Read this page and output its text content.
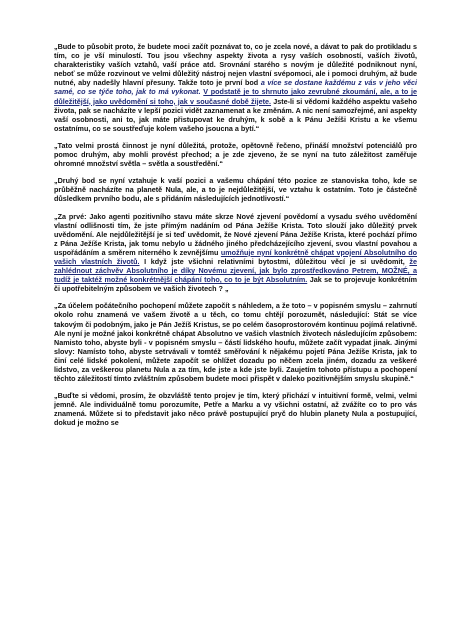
„Bude to působit proto, že budete moci začít poznávat to, co je zcela nové, a dávat to pak do protikladu s tím, co je vší minulostí. Tou jsou všechny aspekty života a rysy vaších osobností, vaších životů, charakteristiky vaších vztahů, vaší práce atd. Srovnání starého s novým je důležité podniknout nyní, neboť se může rozvinout ve velmi důležitý nástroj nejen vlastní svépomoci, ale i pomoci druhým, až bude nutné, aby nadešly hlavní přesuny. Takže toto je první bod a více se dostane každému z vás v jeho věci samé, co se týče toho, jak to má vykonat. V podstatě je to shrnuto jako zevrubné zkoumání, ale, a to je důležitější, jako uvědomění si toho, jak v současné době žijete. Jste-li si vědomi každého aspektu vašeho života, pak se nacházíte v lepší pozici vidět zaznamenat a ke změnám. A nic není samozřejmé, ani aspekty vaší osobnosti, ani to, jak máte přistupovat ke druhým, k sobě a k Pánu Ježíši Kristu a ke všemu ostatnímu, co se soustřeďuje kolem vašeho jsoucna a bytí.“

„Tato velmi prostá činnost je nyní důležitá, protože, opětovně řečeno, přináší množství potenciálů pro pomoc druhým, aby mohli provést přechod; a je zde zjeveno, že se nyní na tuto záležitost zaměřuje ohromné množství světla – světla a soustředění.“

„Druhý bod se nyní vztahuje k vaší pozici a vašemu chápání této pozice ze stanoviska toho, kde se průběžně nacházíte na planetě Nula, ale, a to je nejdůležitější, ve vztahu k ostatním. Toto je částečně důsledkem prvního bodu, ale s přidáním následujících jednotlivostí.“

„Za prvé: Jako agenti pozitivního stavu máte skrze Nové zjevení povědomí a vysadu svého uvědomění vlastní odlišnosti tím, že jste přímým nadáním od Pána Ježíše Krista. Toto slouží jako důležitý prvek uvědomění. Ale nejdůležitější je si teď uvědomit, že Nové zjevení Pána Ježíše Krista, které pochází přímo z Pána Ježíše Krista, jak tomu nebylo u žádného jiného předcházejícího zjevení, svou vlastní povahou a uspořádáním a směrem niterného k zevnějšímu umožňuje nyní konkrétně chápat vpojení Absolutního do vašich vlastních životů. I když jste všichni relativními bytostmi, důležitou věcí je si uvědomit, že zahlédnout záchvěv Absolutního je díky Novému zjevení, jak bylo zprostředkováno Petrem, MOŽNÉ, a tudíž je taktéž možné konkrétnější chápání toho, co to je být Absolutním. Jak se to projevuje konkrétním či upotřebitelným způsobem ve vašich životech ? „

„Za účelem počátečního pochopení můžete započít s náhledem, a že toto – v popisném smyslu – zahrnutí okolo rohu znamená ve vašem životě a u těch, co tomu chtějí porozumět, následující: Stát se více takovým či podobným, jako je Pán Ježíš Kristus, se po celém časoprostorovém kontinuu pojímá relativně. Ale nyní je možné jakoi konkrétně chápat Absolutno ve vašich vlastních životech následujícím způsobem: Namisto toho, abyste byli - v popisném smyslu – částí lidského houfu, můžete začít vypadat jinak. Jinými slovy: Namísto toho, abyste setrvávali v tomtéž směřování k nějakému pojetí Pána Ježíše Krista, jak to činí celé lidské pokolení, můžete započít se ohlížet dozadu po něčem zcela jiném, dozadu za veškeré lidstvo, za veškerou planetu Nula a za tím, kde jste a kde jste byli. Zaujetím tohoto přístupu a pochopení těchto záležitostí tímto zvláštním způsobem budete moci přispět v daleko pozitivnějším smyslu skupině.“

„Buďte si vědomi, prosím, že obzvláště tento projev je tím, který přichází v intuitivní formě, velmi, velmi jemně. Ale individuálně tomu porozumíte, Petře a Marku a vy všichni ostatní, až zvážíte co to pro vás znamená. Můžete si to představit jako něco právě postupující pryč do hlubin planety Nula a postupující, dokud je možno se
